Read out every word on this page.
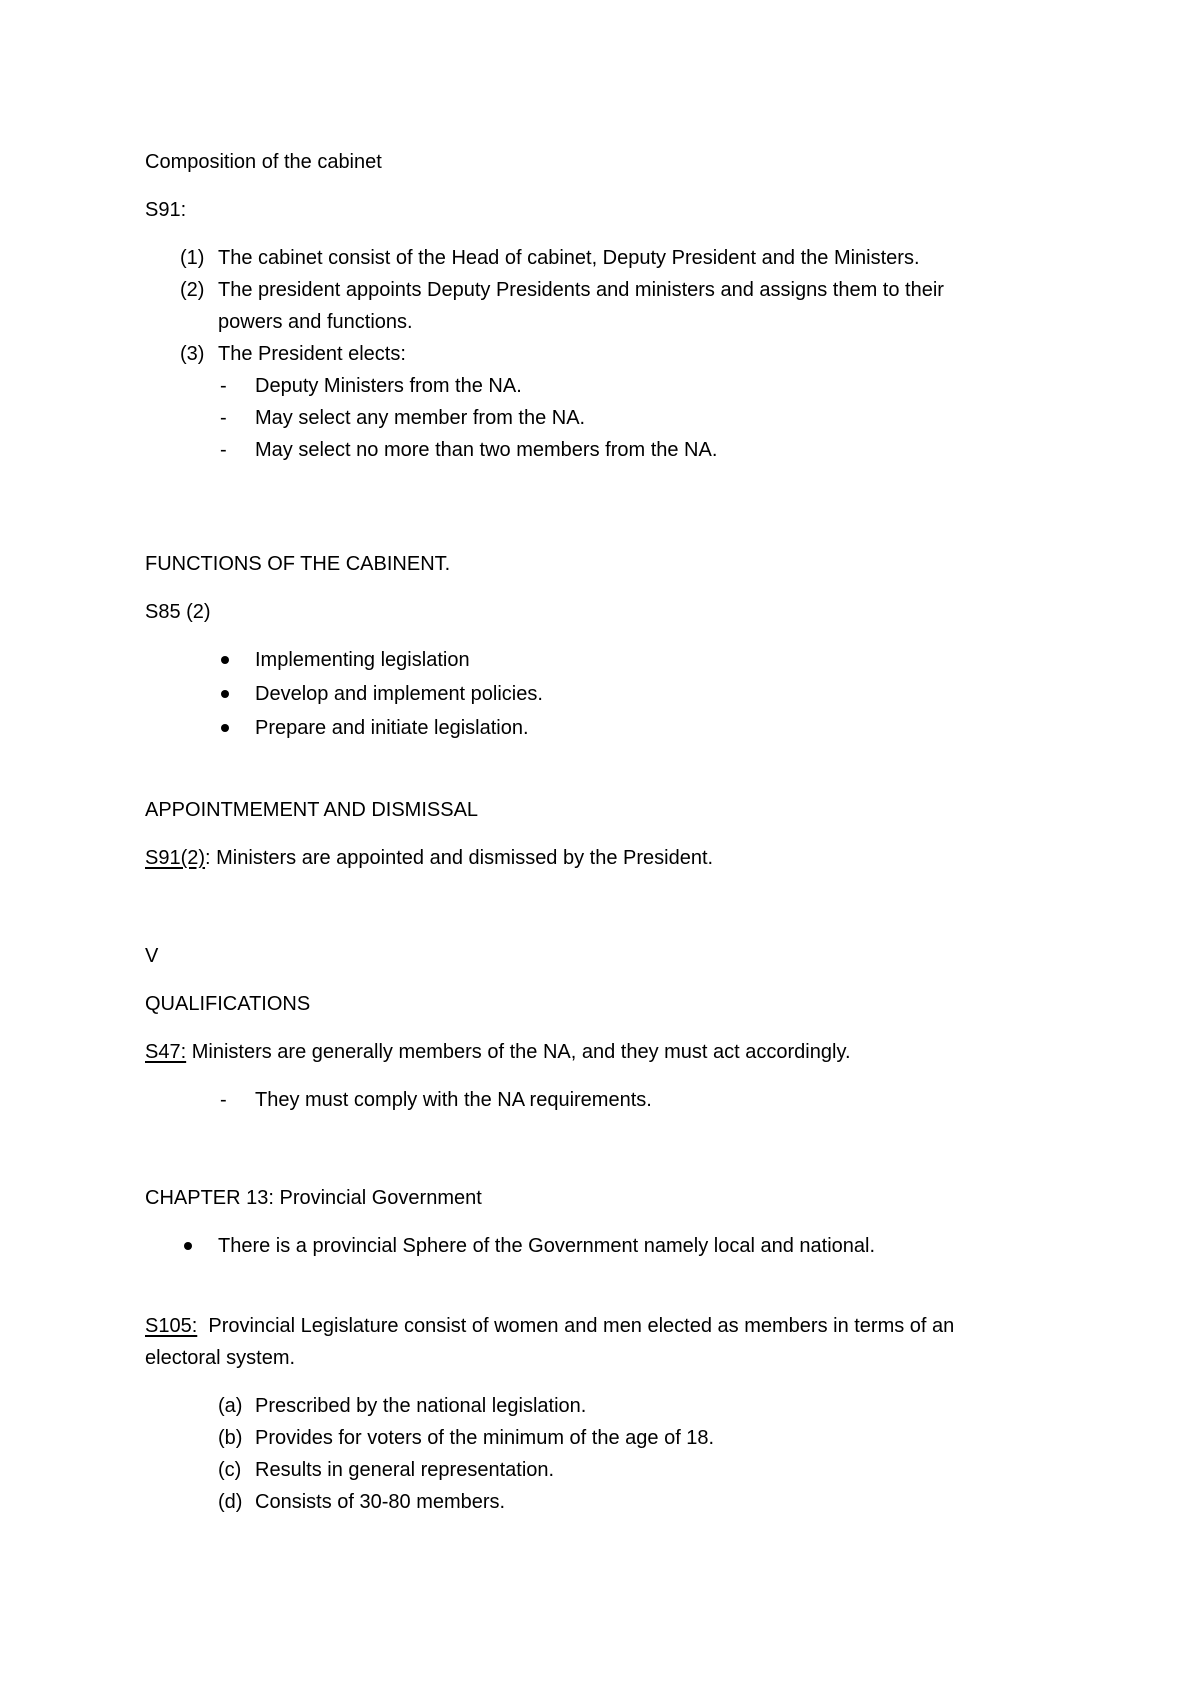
Composition of the cabinet
S91:
(1) The cabinet consist of the Head of cabinet, Deputy President and the Ministers.
(2) The president appoints Deputy Presidents and ministers and assigns them to their
powers and functions.
(3) The President elects:
- Deputy Ministers from the NA.
- May select any member from the NA.
- May select no more than two members from the NA.
FUNCTIONS OF THE CABINENT.
S85 (2)
Implementing legislation
Develop and implement policies.
Prepare and initiate legislation.
APPOINTMEMENT AND DISMISSAL
S91(2): Ministers are appointed and dismissed by the President.
V
QUALIFICATIONS
S47: Ministers are generally members of the NA, and they must act accordingly.
- They must comply with the NA requirements.
CHAPTER 13: Provincial Government
There is a provincial Sphere of the Government namely local and national.
S105:  Provincial Legislature consist of women and men elected as members in terms of an
electoral system.
(a) Prescribed by the national legislation.
(b) Provides for voters of the minimum of the age of 18.
(c) Results in general representation.
(d) Consists of 30-80 members.
